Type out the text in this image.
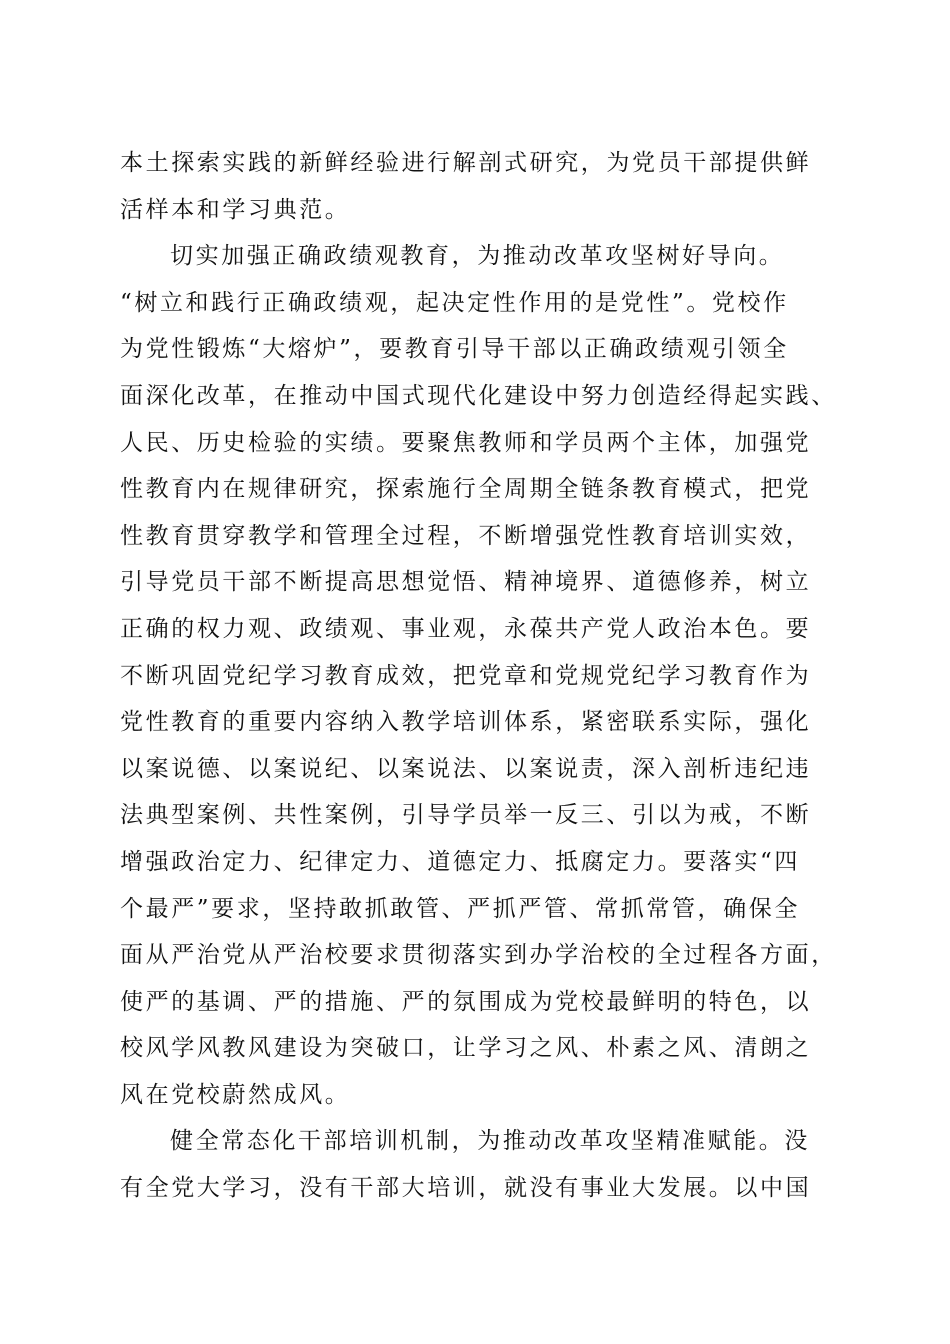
本土探索实践的新鲜经验进行解剖式研究，为党员干部提供鲜
活样本和学习典范。
切实加强正确政绩观教育，为推动改革攻坚树好导向。
“树立和践行正确政绩观，起决定性作用的是党性”。党校作
为党性锻炼“大熔炉”，要教育引导干部以正确政绩观引领全
面深化改革，在推动中国式现代化建设中努力创造经得起实践、
人民、历史检验的实绩。要聚焦教师和学员两个主体，加强党
性教育内在规律研究，探索施行全周期全链条教育模式，把党
性教育贯穿教学和管理全过程，不断增强党性教育培训实效，
引导党员干部不断提高思想觉悟、精神境界、道德修养，树立
正确的权力观、政绩观、事业观，永葆共产党人政治本色。要
不断巩固党纪学习教育成效，把党章和党规党纪学习教育作为
党性教育的重要内容纳入教学培训体系，紧密联系实际，强化
以案说德、以案说纪、以案说法、以案说责，深入剖析违纪违
法典型案例、共性案例，引导学员举一反三、引以为戒，不断
增强政治定力、纪律定力、道德定力、抵腐定力。要落实“四
个最严”要求，坚持敢抓敢管、严抓严管、常抓常管，确保全
面从严治党从严治校要求贯彻落实到办学治校的全过程各方面，
使严的基调、严的措施、严的氛围成为党校最鲜明的特色，以
校风学风教风建设为突破口，让学习之风、朴素之风、清朗之
风在党校蔚然成风。
健全常态化干部培训机制，为推动改革攻坚精准赋能。没
有全党大学习，没有干部大培训，就没有事业大发展。以中国
